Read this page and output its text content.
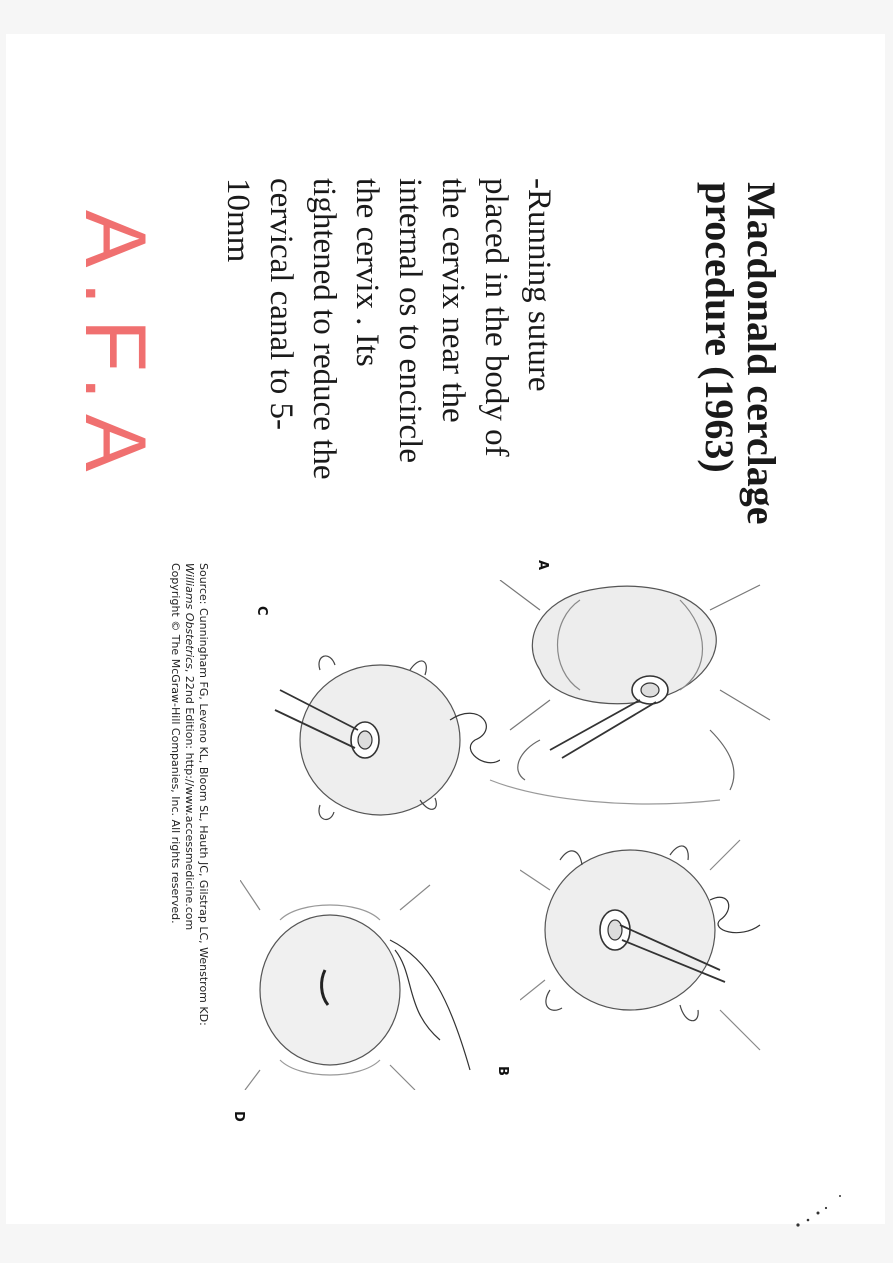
Macdonald cerclage
procedure (1963)
-Running suture
placed in the body of
the cervix near the
internal os to encircle
the cervix . Its
tightened to reduce the
cervical canal to 5-
10mm
A.F.A
Source: Cunningham FG, Leveno KL, Bloom SL, Hauth JC, Gilstrap LC, Wenstrom KD:
Williams Obstetrics, 22nd Edition: http://www.accessmedicine.com
Copyright © The McGraw-Hill Companies, Inc. All rights reserved.	A
B
C
D
